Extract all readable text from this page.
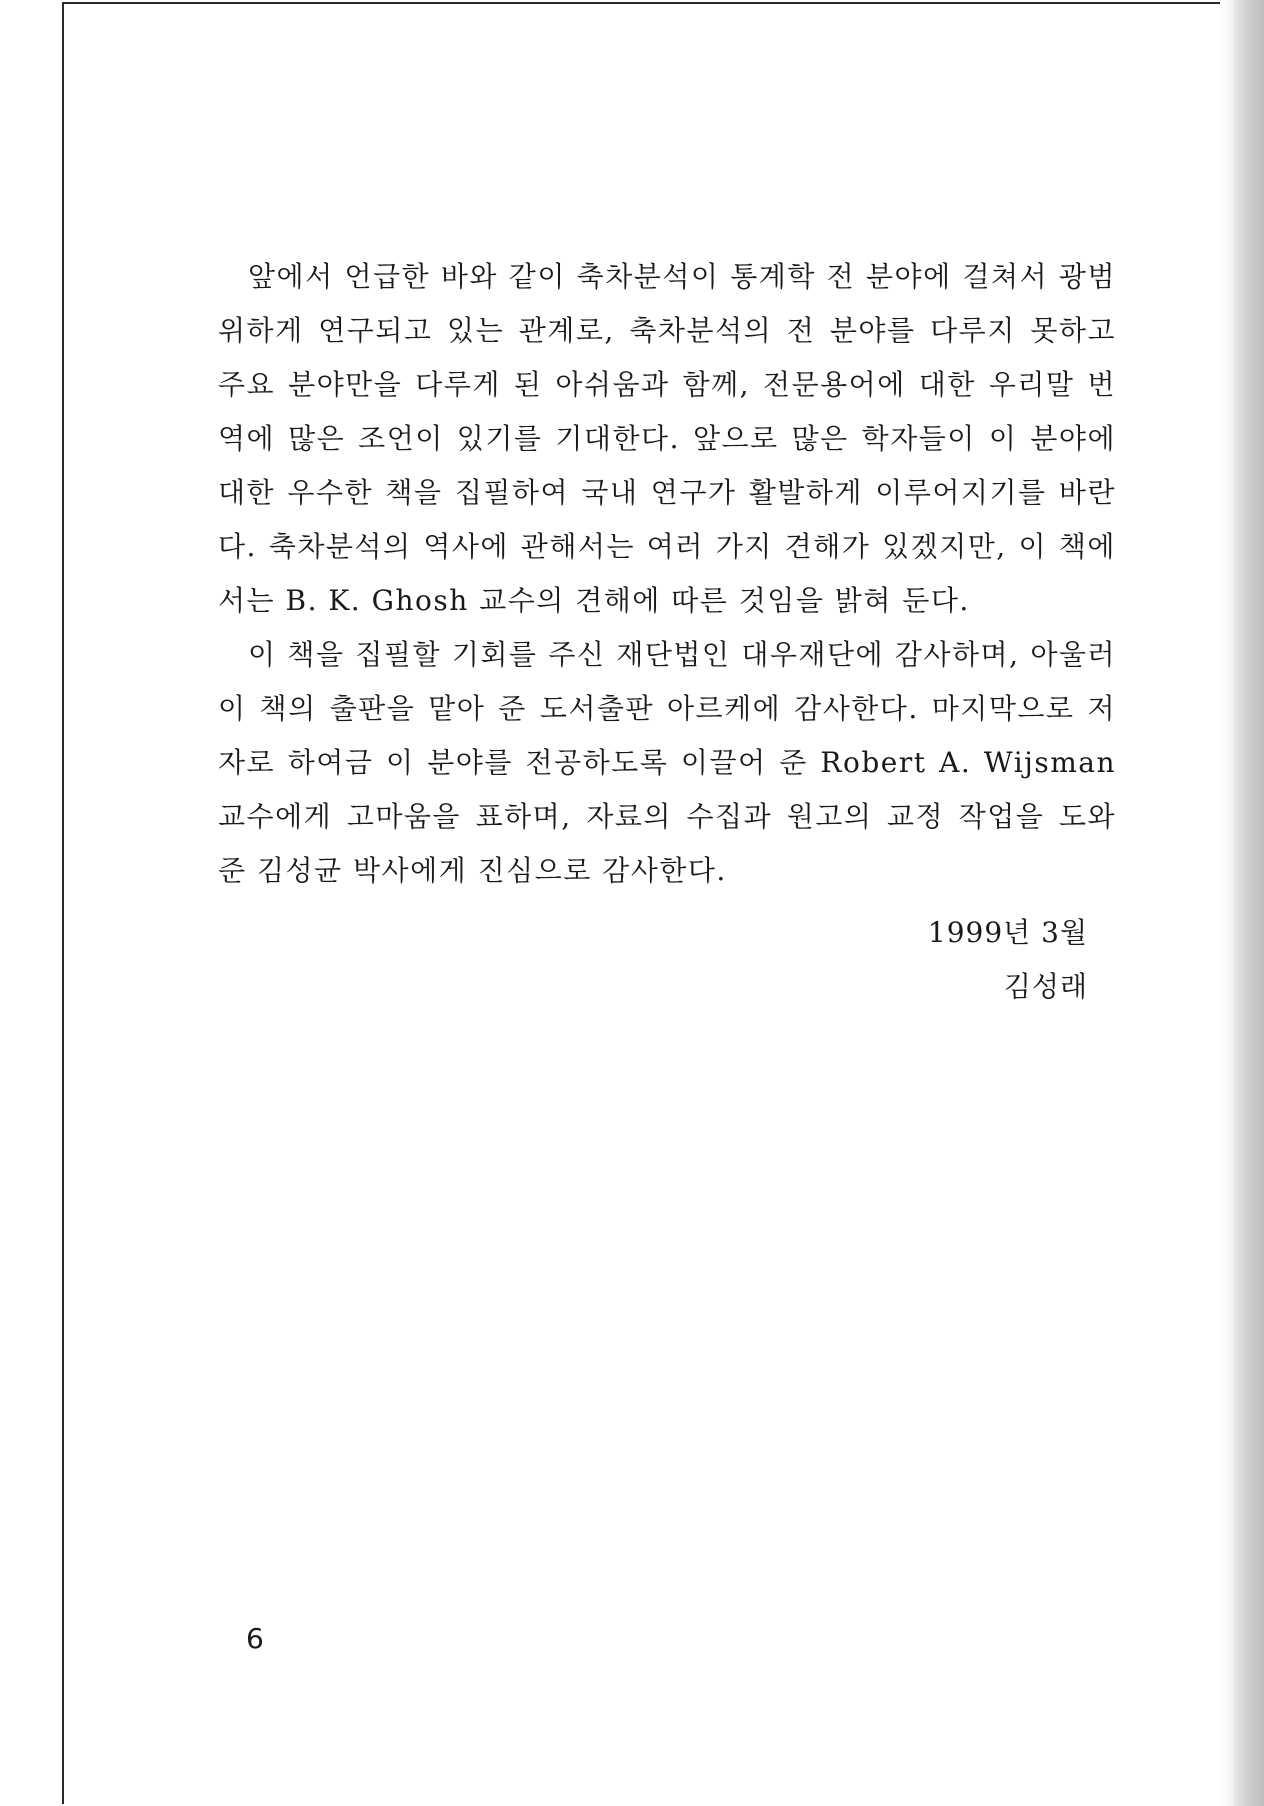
앞에서 언급한 바와 같이 축차분석이 통계학 전 분야에 걸쳐서 광범위하게 연구되고 있는 관계로, 축차분석의 전 분야를 다루지 못하고 주요 분야만을 다루게 된 아쉬움과 함께, 전문용어에 대한 우리말 번역에 많은 조언이 있기를 기대한다. 앞으로 많은 학자들이 이 분야에 대한 우수한 책을 집필하여 국내 연구가 활발하게 이루어지기를 바란다. 축차분석의 역사에 관해서는 여러 가지 견해가 있겠지만, 이 책에서는 B. K. Ghosh 교수의 견해에 따른 것임을 밝혀 둔다.

이 책을 집필할 기회를 주신 재단법인 대우재단에 감사하며, 아울러 이 책의 출판을 맡아 준 도서출판 아르케에 감사한다. 마지막으로 저자로 하여금 이 분야를 전공하도록 이끌어 준 Robert A. Wijsman 교수에게 고마움을 표하며, 자료의 수집과 원고의 교정 작업을 도와 준 김성균 박사에게 진심으로 감사한다.

1999년 3월
김성래
6
